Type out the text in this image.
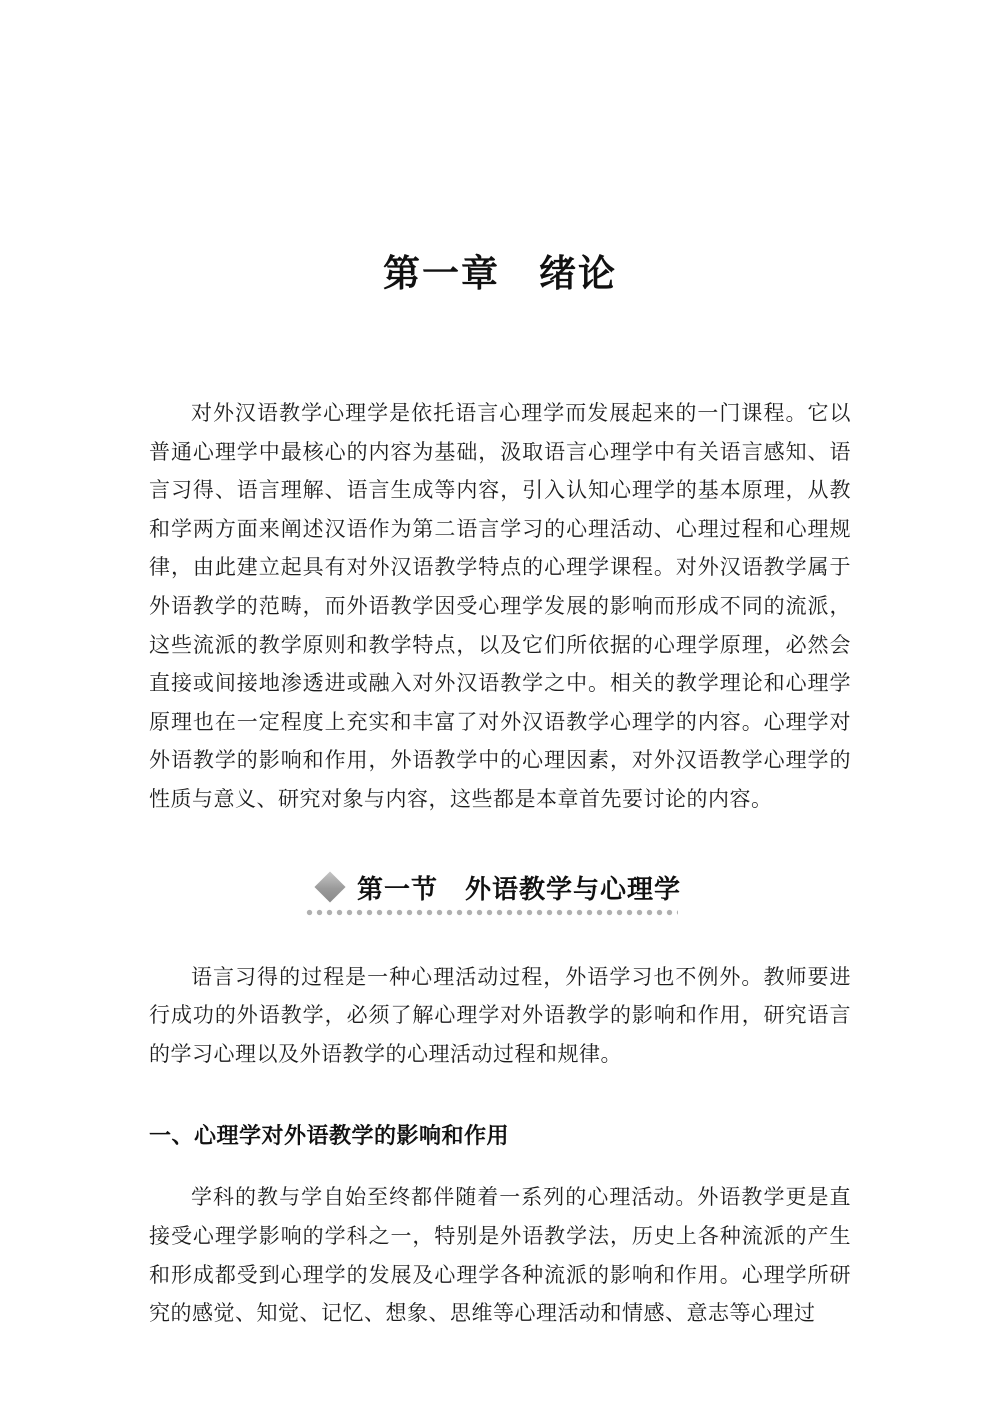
第一章　绪论

对外汉语教学心理学是依托语言心理学而发展起来的一门课程。它以普通心理学中最核心的内容为基础，汲取语言心理学中有关语言感知、语言习得、语言理解、语言生成等内容，引入认知心理学的基本原理，从教和学两方面来阐述汉语作为第二语言学习的心理活动、心理过程和心理规律，由此建立起具有对外汉语教学特点的心理学课程。对外汉语教学属于外语教学的范畴，而外语教学因受心理学发展的影响而形成不同的流派，这些流派的教学原则和教学特点，以及它们所依据的心理学原理，必然会直接或间接地渗透进或融入对外汉语教学之中。相关的教学理论和心理学原理也在一定程度上充实和丰富了对外汉语教学心理学的内容。心理学对外语教学的影响和作用，外语教学中的心理因素，对外汉语教学心理学的性质与意义、研究对象与内容，这些都是本章首先要讨论的内容。

第一节　外语教学与心理学

语言习得的过程是一种心理活动过程，外语学习也不例外。教师要进行成功的外语教学，必须了解心理学对外语教学的影响和作用，研究语言的学习心理以及外语教学的心理活动过程和规律。

一、心理学对外语教学的影响和作用

学科的教与学自始至终都伴随着一系列的心理活动。外语教学更是直接受心理学影响的学科之一，特别是外语教学法，历史上各种流派的产生和形成都受到心理学的发展及心理学各种流派的影响和作用。心理学所研究的感觉、知觉、记忆、想象、思维等心理活动和情感、意志等心理过
